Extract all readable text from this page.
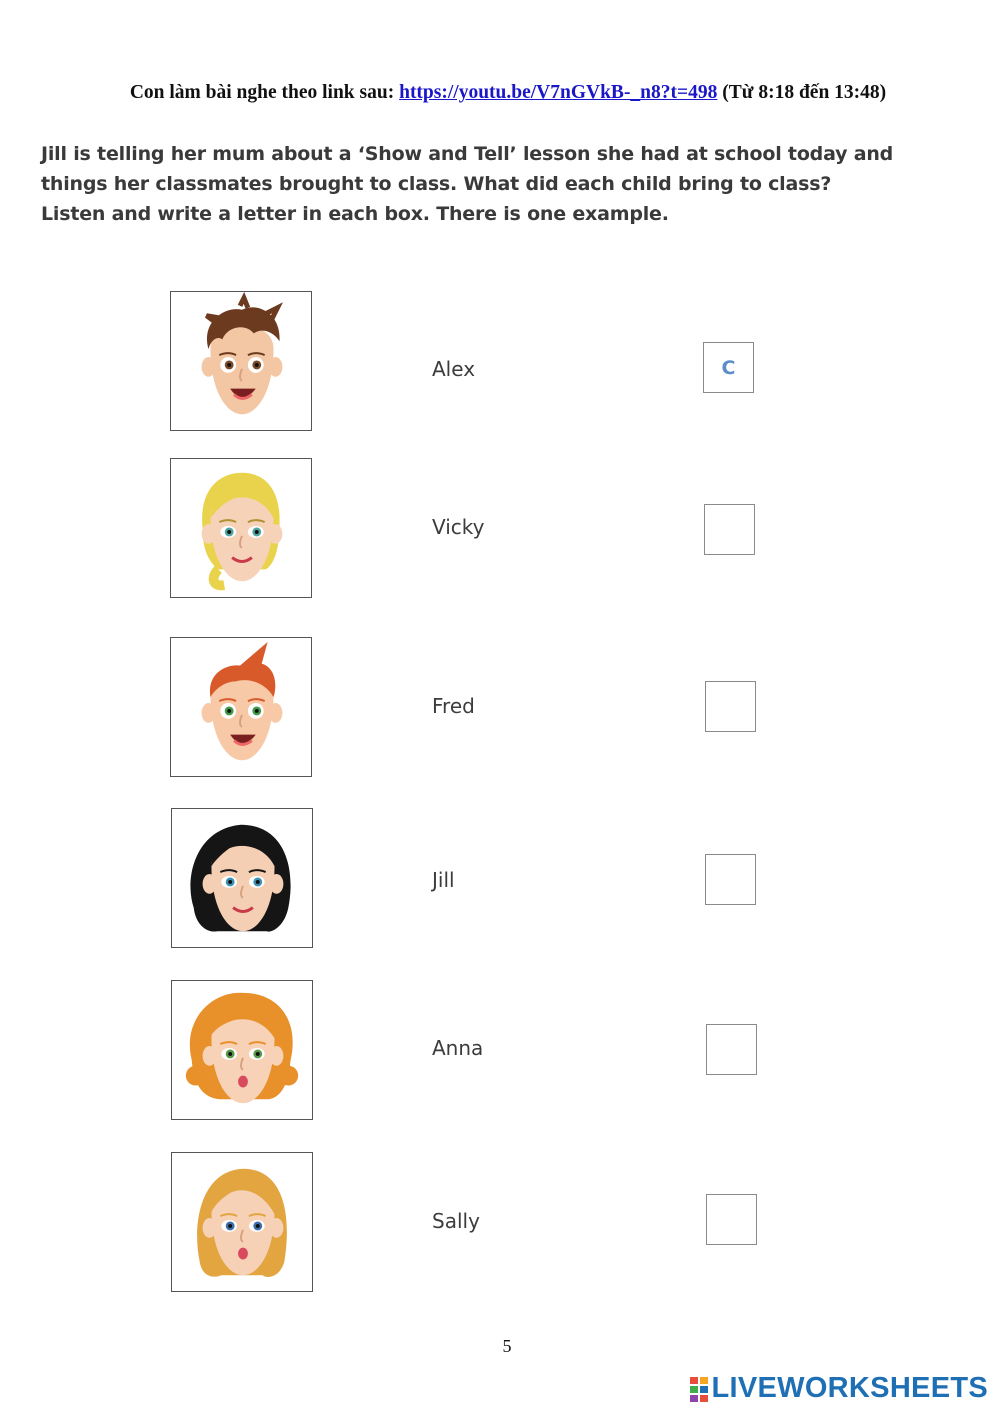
Con làm bài nghe theo link sau: https://youtu.be/V7nGVkB-_n8?t=498 (Từ 8:18 đến 13:48)
Jill is telling her mum about a ‘Show and Tell’ lesson she had at school today and
things her classmates brought to class. What did each child bring to class?
Listen and write a letter in each box. There is one example.
Alex	C
Vicky
Fred
Jill
Anna
Sally
5
LIVEWORKSHEETS
